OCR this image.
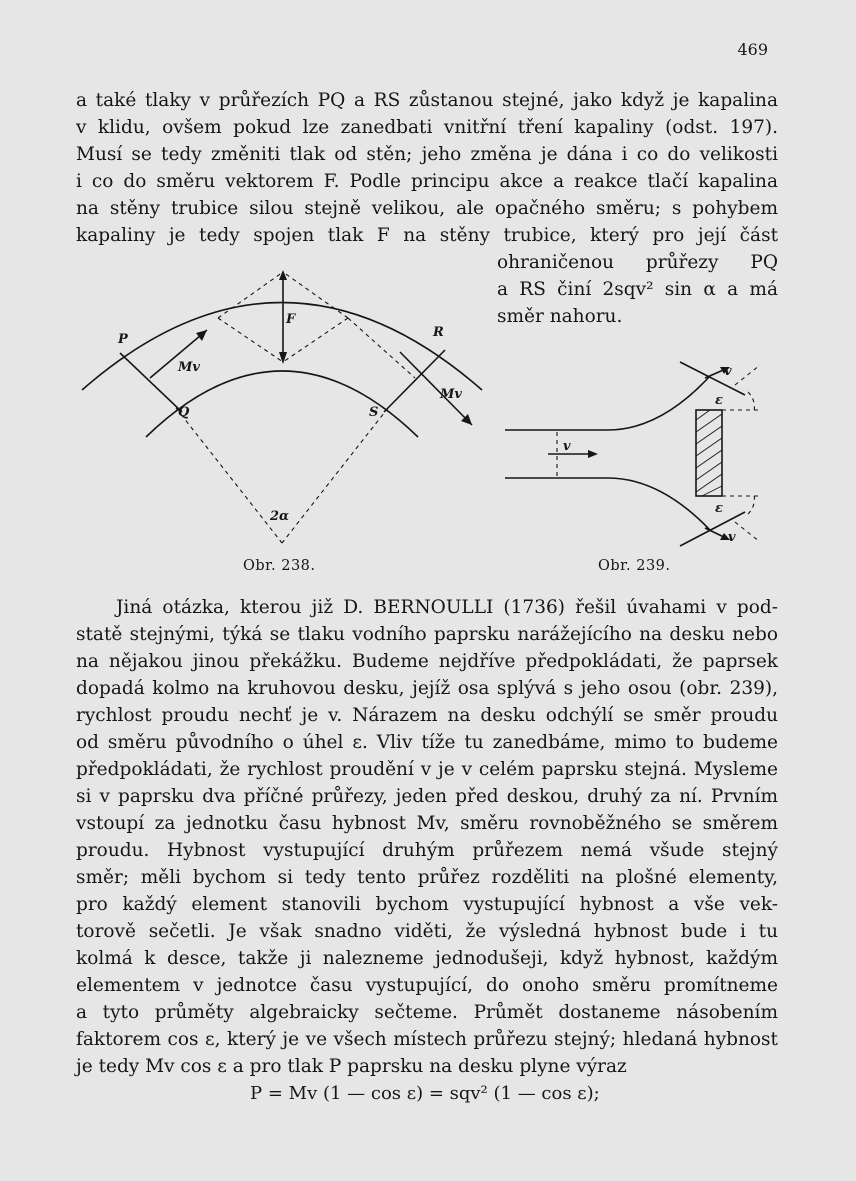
469
a také tlaky v průřezích PQ a RS zůstanou stejné, jako když je kapalina
v klidu, ovšem pokud lze zanedbati vnitřní tření kapaliny (odst. 197).
Musí se tedy změniti tlak od stěn; jeho změna je dána i co do velikosti
i co do směru vektorem F. Podle principu akce a reakce tlačí kapalina
na stěny trubice silou stejně velikou, ale opačného směru; s pohybem
kapaliny je tedy spojen tlak F na stěny trubice, který pro její část
ohraničenou průřezy PQ
a RS činí 2sqv² sin α a má
směr nahoru.
P
Q
R
S
F
Mv
Mv
2α
Obr. 238.
v
v
v
ε
ε
Obr. 239.
Jiná otázka, kterou již D. BERNOULLI (1736) řešil úvahami v pod-
statě stejnými, týká se tlaku vodního paprsku narážejícího na desku nebo
na nějakou jinou překážku. Budeme nejdříve předpokládati, že paprsek
dopadá kolmo na kruhovou desku, jejíž osa splývá s jeho osou (obr. 239),
rychlost proudu nechť je v. Nárazem na desku odchýlí se směr proudu
od směru původního o úhel ε. Vliv tíže tu zanedbáme, mimo to budeme
předpokládati, že rychlost proudění v je v celém paprsku stejná. Mysleme
si v paprsku dva příčné průřezy, jeden před deskou, druhý za ní. Prvním
vstoupí za jednotku času hybnost Mv, směru rovnoběžného se směrem
proudu. Hybnost vystupující druhým průřezem nemá všude stejný
směr; měli bychom si tedy tento průřez rozděliti na plošné elementy,
pro každý element stanovili bychom vystupující hybnost a vše vek-
torově sečetli. Je však snadno viděti, že výsledná hybnost bude i tu
kolmá k desce, takže ji nalezneme jednodušeji, když hybnost, každým
elementem v jednotce času vystupující, do onoho směru promítneme
a tyto průměty algebraicky sečteme. Průmět dostaneme násobením
faktorem cos ε, který je ve všech místech průřezu stejný; hledaná hybnost
je tedy Mv cos ε a pro tlak P paprsku na desku plyne výraz
P = Mv (1 — cos ε) = sqv² (1 — cos ε);
